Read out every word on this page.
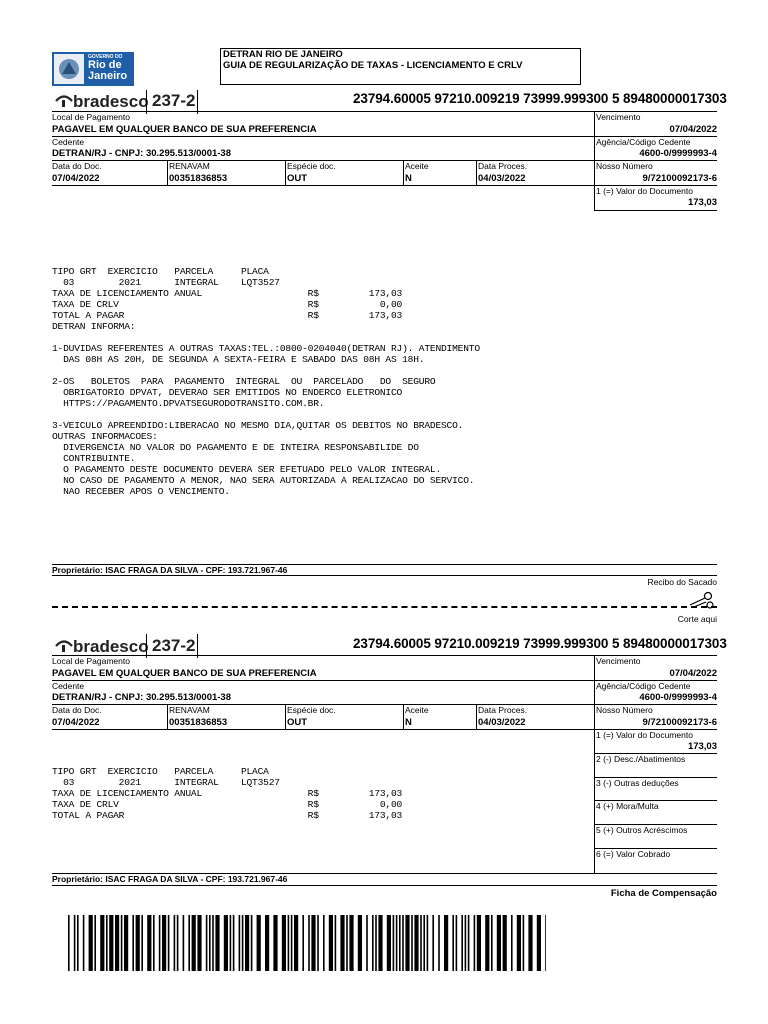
GOVERNO DO
Rio de
Janeiro
DETRAN RIO DE JANEIRO
GUIA DE REGULARIZAÇÃO DE TAXAS - LICENCIAMENTO E CRLV
bradesco 237-2	23794.60005 97210.009219 73999.999300 5 89480000017303
Local de Pagamento
PAGAVEL EM QUALQUER BANCO DE SUA PREFERENCIA
Vencimento
07/04/2022
Cedente
DETRAN/RJ - CNPJ: 30.295.513/0001-38
Agência/Código Cedente
4600-0/9999993-4
Data do Doc.
07/04/2022
RENAVAM
00351836853
Espécie doc.
OUT
Aceite
N
Data Proces.
04/03/2022
Nosso Número
9/72100092173-6
1 (=) Valor do Documento
173,03
TIPO GRT  EXERCICIO   PARCELA     PLACA
03        2021      INTEGRAL    LQT3527
TAXA DE LICENCIAMENTO ANUAL                   R$         173,03
TAXA DE CRLV                                  R$           0,00
TOTAL A PAGAR                                 R$         173,03
DETRAN INFORMA:
1-DUVIDAS REFERENTES A OUTRAS TAXAS:TEL.:0800-0204040(DETRAN RJ). ATENDIMENTO
DAS 08H AS 20H, DE SEGUNDA A SEXTA-FEIRA E SABADO DAS 08H AS 18H.
2-OS   BOLETOS  PARA  PAGAMENTO  INTEGRAL  OU  PARCELADO   DO  SEGURO
OBRIGATORIO DPVAT, DEVERAO SER EMITIDOS NO ENDERCO ELETRONICO
HTTPS://PAGAMENTO.DPVATSEGURODOTRANSITO.COM.BR.
3-VEICULO APREENDIDO:LIBERACAO NO MESMO DIA,QUITAR OS DEBITOS NO BRADESCO.
OUTRAS INFORMACOES:
DIVERGENCIA NO VALOR DO PAGAMENTO E DE INTEIRA RESPONSABILIDE DO
CONTRIBUINTE.
O PAGAMENTO DESTE DOCUMENTO DEVERA SER EFETUADO PELO VALOR INTEGRAL.
NO CASO DE PAGAMENTO A MENOR, NAO SERA AUTORIZADA A REALIZACAO DO SERVICO.
NAO RECEBER APOS O VENCIMENTO.
Proprietário: ISAC FRAGA DA SILVA - CPF: 193.721.967-46
Recibo do Sacado
Corte aqui
bradesco 237-2	23794.60005 97210.009219 73999.999300 5 89480000017303
Local de Pagamento
PAGAVEL EM QUALQUER BANCO DE SUA PREFERENCIA
Vencimento
07/04/2022
Cedente
DETRAN/RJ - CNPJ: 30.295.513/0001-38
Agência/Código Cedente
4600-0/9999993-4
Data do Doc.
07/04/2022
RENAVAM
00351836853
Espécie doc.
OUT
Aceite
N
Data Proces.
04/03/2022
Nosso Número
9/72100092173-6
1 (=) Valor do Documento
173,03
2 (-) Desc./Abatimentos
3 (-) Outras deduções
4 (+) Mora/Multa
5 (+) Outros Acréscimos
6 (=) Valor Cobrado
TIPO GRT  EXERCICIO   PARCELA     PLACA
03        2021      INTEGRAL    LQT3527
TAXA DE LICENCIAMENTO ANUAL                   R$         173,03
TAXA DE CRLV                                  R$           0,00
TOTAL A PAGAR                                 R$         173,03
Proprietário: ISAC FRAGA DA SILVA - CPF: 193.721.967-46
Ficha de Compensação
